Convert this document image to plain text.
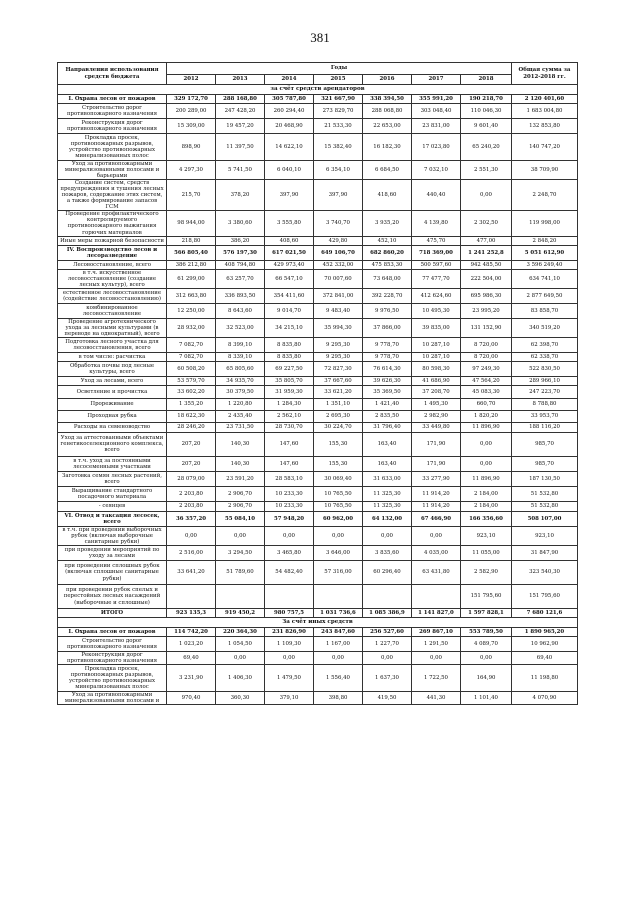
381
Направления использования средств бюджета	Годы							Общая сумма за 2012-2018 гг.
	2012	2013	2014	2015	2016	2017	2018	
за счёт средств арендаторов								
I. Охрана лесов от пожаров	329 172,70	288 168,80	305 787,80	321 667,90	338 394,50	355 991,20	190 218,70	2 120 401,60
Строительство дорог противопожарного назначения	200 289,00	247 428,20	260 294,40	273 829,70	288 068,80	303 048,40	110 046,30	1 683 004,80
Реконструкция дорог противопожарного назначения	15 309,00	19 457,20	20 468,90	21 533,30	22 653,00	23 831,00	9 601,40	132 853,80
Прокладка просек, противопожарных разрывов, устройство противопожарных минерализованных полос	898,90	11 397,50	14 622,10	15 382,40	16 182,30	17 023,80	65 240,20	140 747,20
Уход за противопожарными минерализованными полосами и барьерами	4 297,30	5 741,50	6 040,10	6 354,10	6 684,50	7 032,10	2 551,30	38 709,90
Создание систем, средств предупреждения и тушения лесных пожаров, содержание этих систем, а также формирование запасов ГСМ	215,70	378,20	397,90	397,90	418,60	440,40	0,00	2 248,70
Проведение профилактического контролируемого противопожарного выжигания горючих материалов	98 944,00	3 380,60	3 555,80	3 740,70	3 935,20	4 139,80	2 302,50	119 998,00
Иные меры пожарной безопасности	218,80	386,20	408,60	429,80	452,10	475,70	477,00	2 848,20
IV. Воспроизводство лесов и лесоразведение	566 805,40	576 197,30	617 021,50	649 106,70	682 860,20	718 369,00	1 241 252,8	5 051 612,90
Лесовосстановление, всего	386 212,80	408 794,80	429 973,40	452 332,00	475 853,30	500 597,60	942 485,50	3 596 249,40
в т.ч. искусственное лесовосстановление (создание лесных культур), всего	61 299,00	63 257,70	66 547,10	70 007,60	73 648,00	77 477,70	222 504,00	634 741,10
естественное лесовосстановление (содействие лесовосстановлению)	312 663,80	336 893,50	354 411,60	372 841,00	392 228,70	412 624,60	695 986,30	2 877 649,50
комбинированное лесовосстановление	12 250,00	8 643,60	9 014,70	9 483,40	9 976,50	10 495,30	23 995,20	83 858,70
Проведение агротехнического ухода за лесными культурами (в переводе на однократный), всего	28 932,00	32 523,00	34 215,10	35 994,30	37 866,00	39 835,00	131 152,90	340 519,20
Подготовка лесного участка для лесовосстановления, всего	7 082,70	8 399,10	8 835,80	9 295,30	9 778,70	10 287,10	8 720,00	62 398,70
в том числе: расчистка	7 082,70	8 339,10	8 835,80	9 295,30	9 778,70	10 287,10	8 720,00	62 338,70
Обработка почвы под лесные культуры, всего	60 508,20	65 805,60	69 227,50	72 827,30	76 614,30	80 598,30	97 249,30	522 830,50
Уход за лесами, всего	53 579,70	34 935,70	35 805,70	37 667,60	39 626,30	41 686,90	47 564,20	289 966,10
Осветление и прочистка	33 602,20	30 379,50	31 959,30	33 621,20	35 369,50	37 208,70	45 083,30	247 223,70
Прореживание	1 355,20	1 220,80	1 284,30	1 351,10	1 421,40	1 495,30	660,70	8 788,80
Проходная рубка	18 622,30	2 435,40	2 562,10	2 695,30	2 835,50	2 982,90	1 820,20	33 953,70
Расходы на семеноводство	28 246,20	23 731,50	28 730,70	30 224,70	31 796,40	33 449,80	11 896,90	188 116,20
Уход за аттестованными объектами генетикоселекционного комплекса, всего	207,20	140,30	147,60	155,30	163,40	171,90	0,00	985,70
в т.ч. уход за постоянными лесосеменными участками	207,20	140,30	147,60	155,30	163,40	171,90	0,00	985,70
Заготовка семян лесных растений, всего	28 079,00	23 591,20	28 583,10	30 069,40	31 633,00	33 277,90	11 896,90	187 130,50
Выращивание стандартного посадочного материала	2 203,80	2 906,70	10 233,30	10 765,50	11 325,30	11 914,20	2 184,00	51 532,80
- сеянцев	2 203,80	2 906,70	10 233,30	10 765,50	11 325,30	11 914,20	2 184,00	51 532,80
VI. Отвод и таксация лесосек, всего	36 357,20	55 084,10	57 948,20	60 962,00	64 132,00	67 466,90	166 356,60	508 107,00
в т.ч. при проведении выборочных рубок (включая выборочные санитарные рубки)	0,00	0,00	0,00	0,00	0,00	0,00	923,10	923,10
при проведении мероприятий по уходу за лесами	2 516,00	3 294,50	3 465,80	3 646,00	3 835,60	4 035,00	11 055,00	31 847,90
при проведении сплошных рубок (включая сплошные санитарные рубки)	33 641,20	51 789,60	54 482,40	57 316,00	60 296,40	63 431,80	2 582,90	323 540,30
при проведении рубок спелых и перестойных лесных насаждений (выборочные и сплошные)							151 795,60	151 795,60
ИТОГО	923 135,3	919 450,2	980 757,5	1 031 736,6	1 085 386,9	1 141 827,0	1 597 828,1	7 680 121,6
За счёт иных средств								
I. Охрана лесов от пожаров	114 742,20	220 364,30	231 826,90	243 847,60	256 527,60	269 867,10	553 789,50	1 890 965,20
Строительство дорог противопожарного назначения	1 023,20	1 054,50	1 109,30	1 167,00	1 227,70	1 291,50	4 089,70	10 962,90
Реконструкция дорог противопожарного назначения	69,40	0,00	0,00	0,00	0,00	0,00	0,00	69,40
Прокладка просек, противопожарных разрывов, устройство противопожарных минерализованных полос	3 231,90	1 406,30	1 479,50	1 556,40	1 637,30	1 722,50	164,90	11 198,80
Уход за противопожарными минерализованными полосами и	970,40	360,30	379,10	398,80	419,50	441,30	1 101,40	4 070,90
